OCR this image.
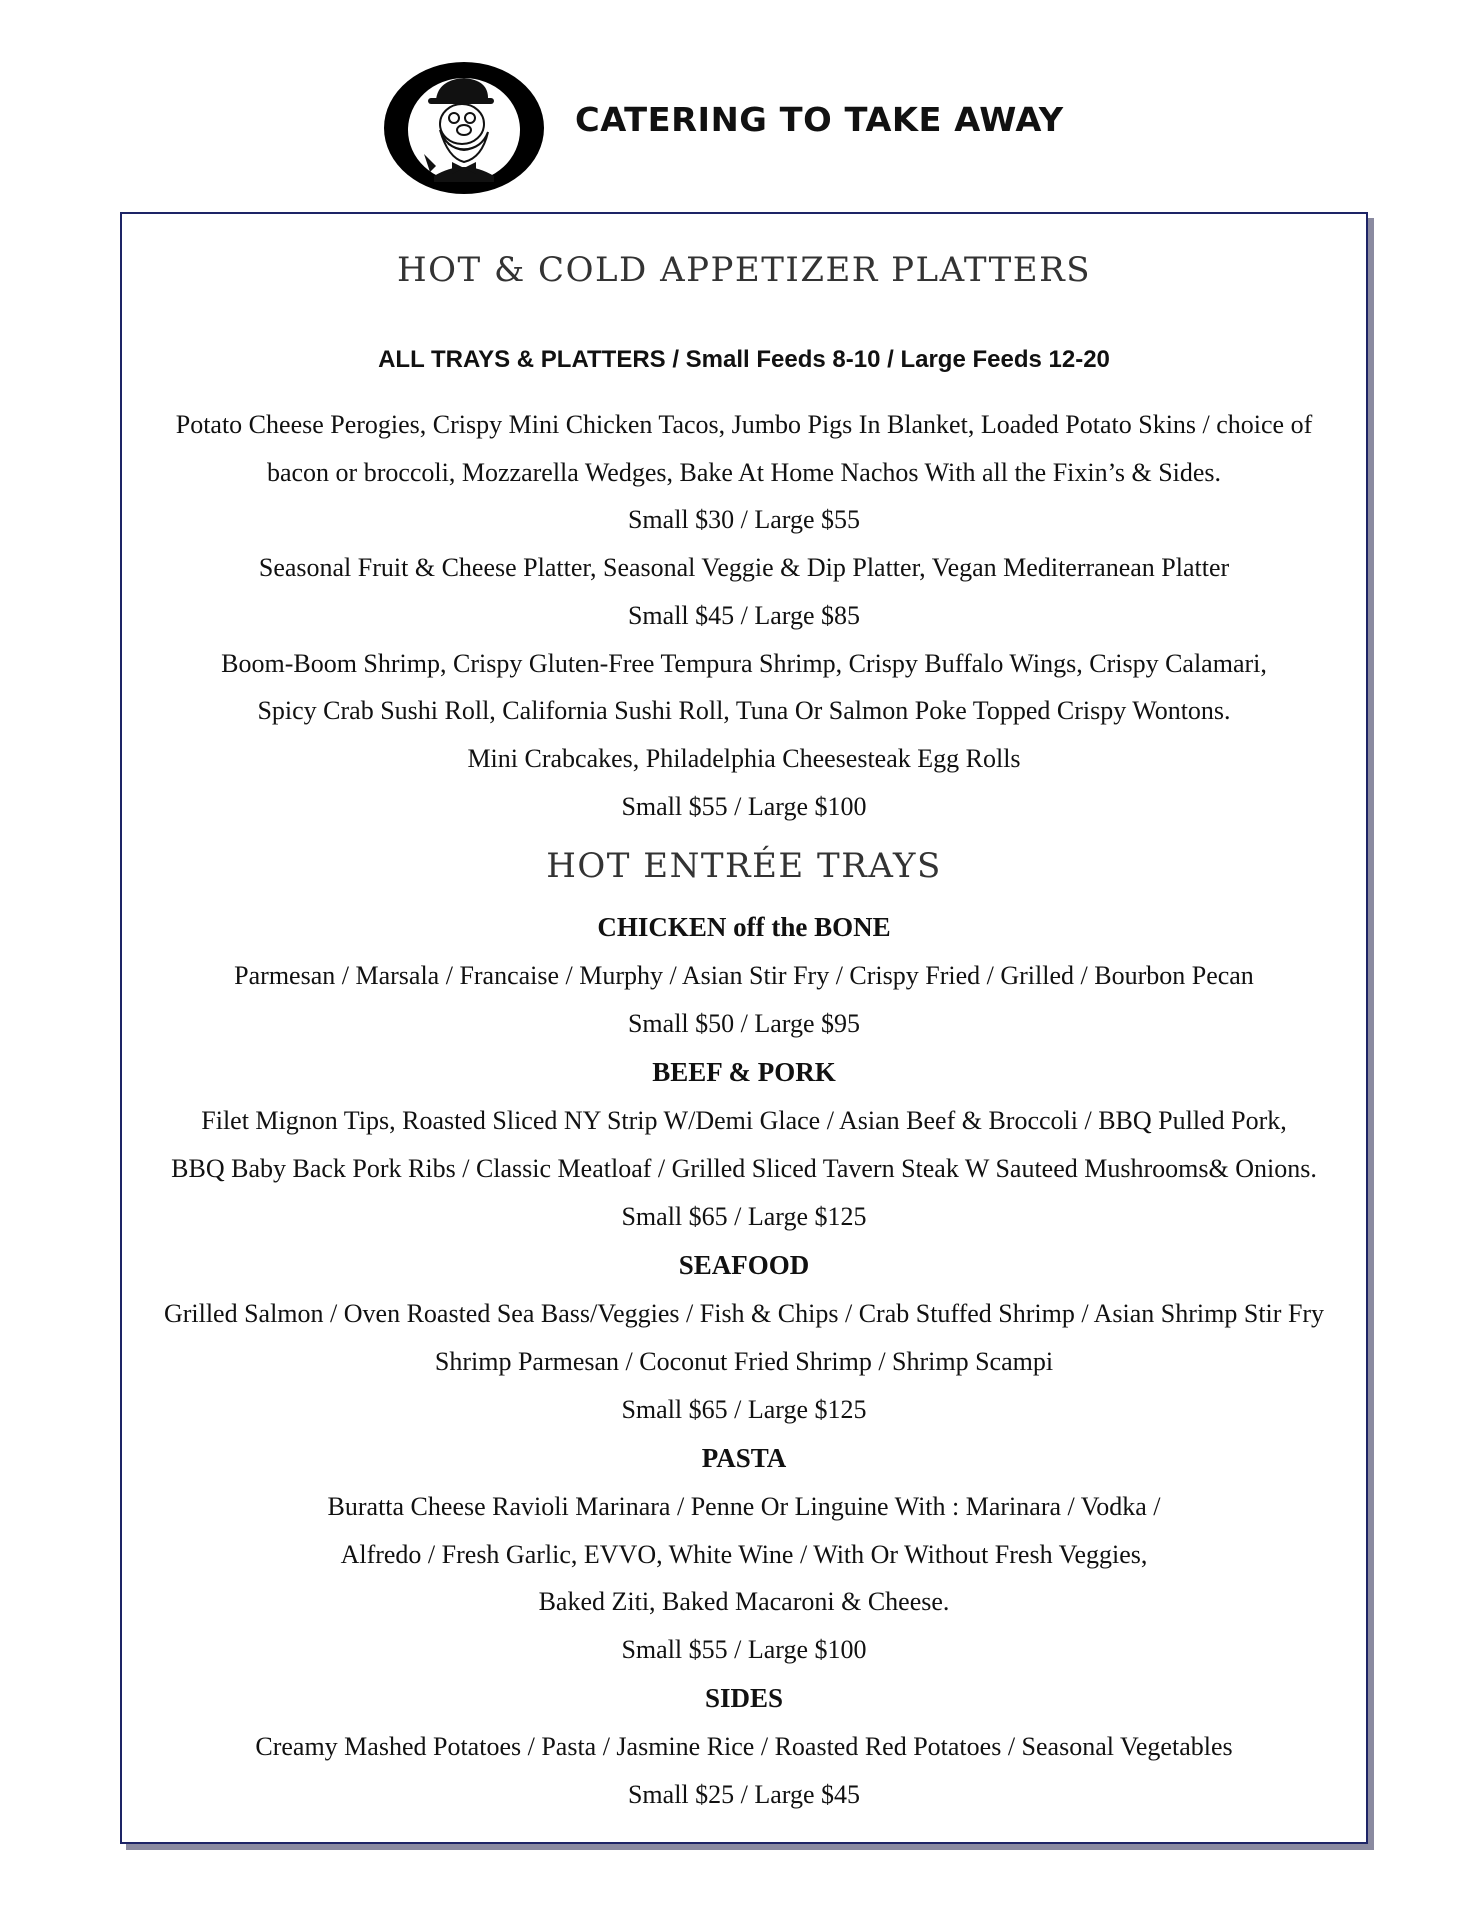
CATERING TO TAKE AWAY
HOT & COLD APPETIZER PLATTERS
ALL TRAYS & PLATTERS / Small Feeds 8-10 / Large Feeds 12-20
Potato Cheese Perogies, Crispy Mini Chicken Tacos, Jumbo Pigs In Blanket, Loaded Potato Skins / choice of
bacon or broccoli, Mozzarella Wedges, Bake At Home Nachos With all the Fixin’s & Sides.
Small $30 / Large $55
Seasonal Fruit & Cheese Platter, Seasonal Veggie & Dip Platter, Vegan Mediterranean Platter
Small $45 / Large $85
Boom-Boom Shrimp, Crispy Gluten-Free Tempura Shrimp, Crispy Buffalo Wings, Crispy Calamari,
Spicy Crab Sushi Roll, California Sushi Roll, Tuna Or Salmon Poke Topped Crispy Wontons.
Mini Crabcakes, Philadelphia Cheesesteak Egg Rolls
Small $55 / Large $100
HOT ENTRÉE TRAYS
CHICKEN off the BONE
Parmesan / Marsala / Francaise / Murphy / Asian Stir Fry / Crispy Fried / Grilled / Bourbon Pecan
Small $50 / Large $95
BEEF & PORK
Filet Mignon Tips, Roasted Sliced NY Strip W/Demi Glace / Asian Beef & Broccoli / BBQ Pulled Pork,
BBQ Baby Back Pork Ribs / Classic Meatloaf / Grilled Sliced Tavern Steak W Sauteed Mushrooms& Onions.
Small $65 / Large $125
SEAFOOD
Grilled Salmon / Oven Roasted Sea Bass/Veggies / Fish & Chips / Crab Stuffed Shrimp / Asian Shrimp Stir Fry
Shrimp Parmesan / Coconut Fried Shrimp / Shrimp Scampi
Small $65 / Large $125
PASTA
Buratta Cheese Ravioli Marinara / Penne Or Linguine With : Marinara / Vodka /
Alfredo / Fresh Garlic, EVVO, White Wine / With Or Without Fresh Veggies,
Baked Ziti, Baked Macaroni & Cheese.
Small $55 / Large $100
SIDES
Creamy Mashed Potatoes / Pasta / Jasmine Rice / Roasted Red Potatoes / Seasonal Vegetables
Small $25 / Large $45
